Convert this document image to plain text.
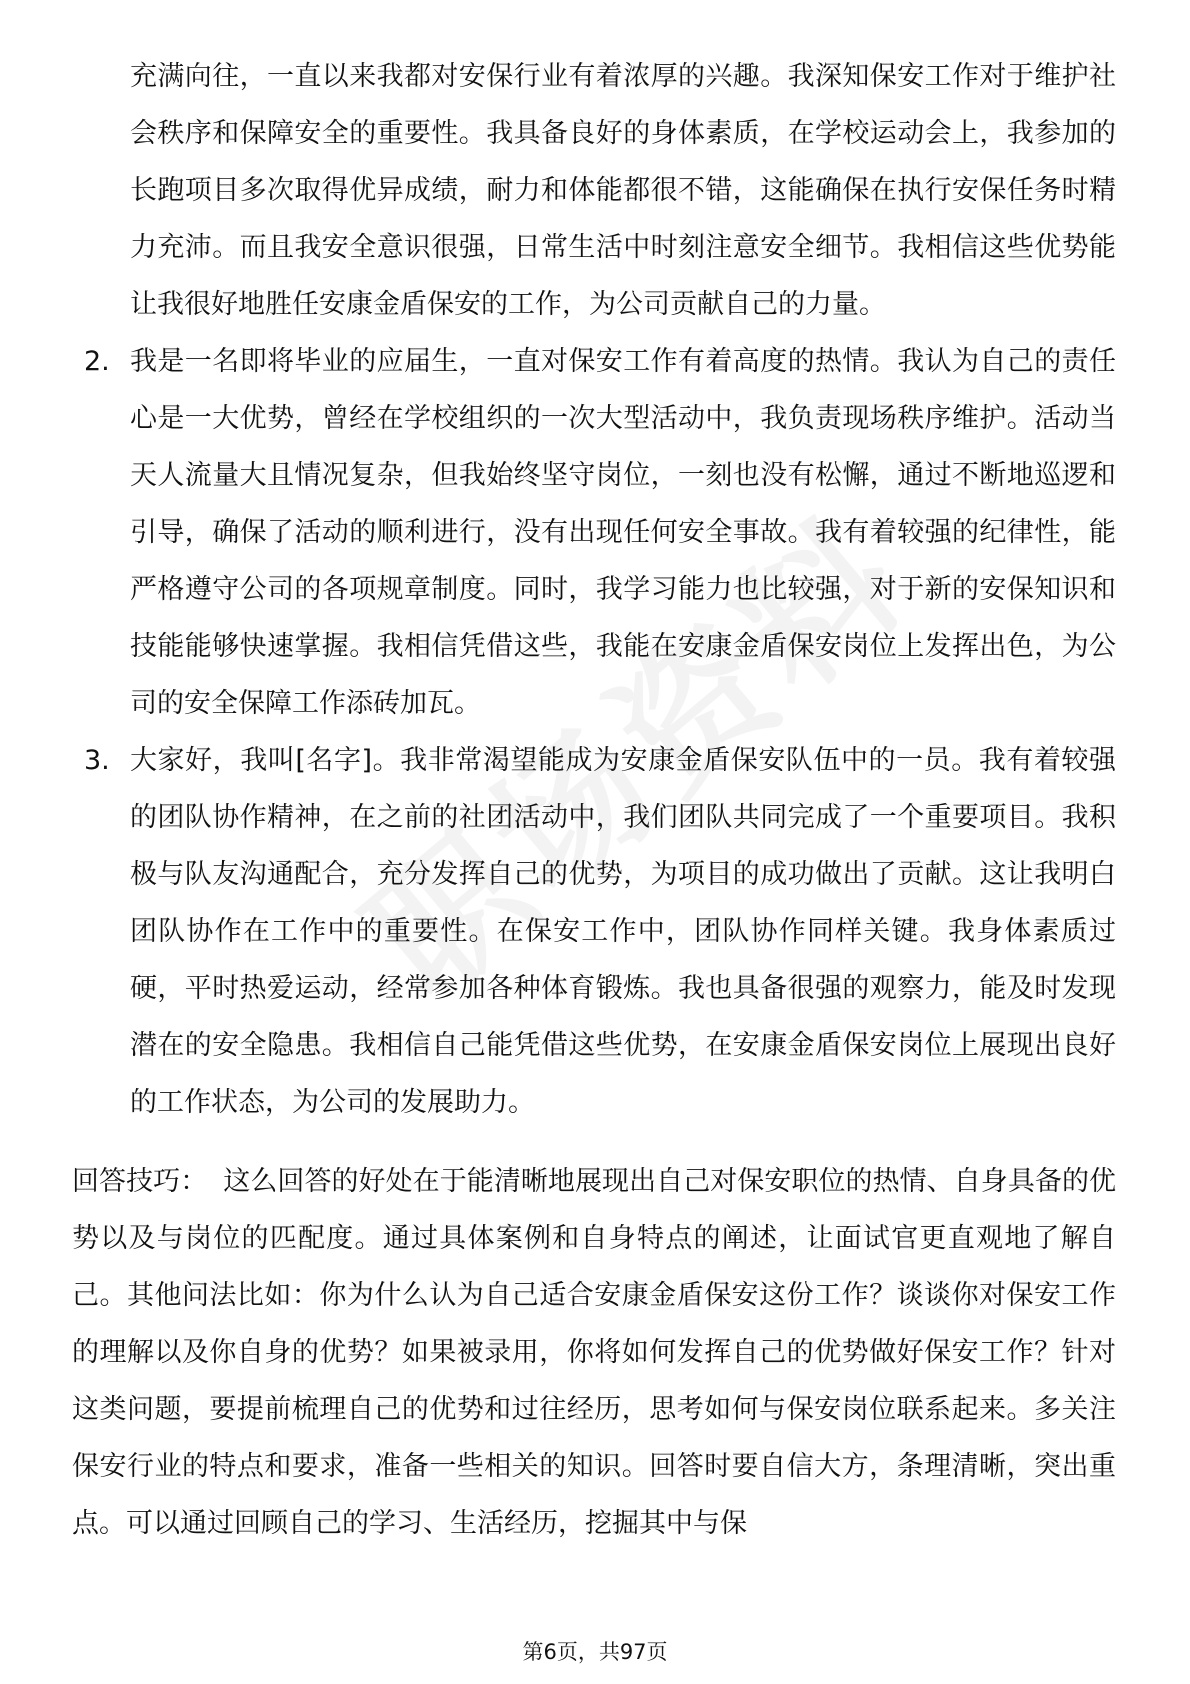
充满向往，一直以来我都对安保行业有着浓厚的兴趣。我深知保安工作对于维护社会秩序和保障安全的重要性。我具备良好的身体素质，在学校运动会上，我参加的长跑项目多次取得优异成绩，耐力和体能都很不错，这能确保在执行安保任务时精力充沛。而且我安全意识很强，日常生活中时刻注意安全细节。我相信这些优势能让我很好地胜任安康金盾保安的工作，为公司贡献自己的力量。

2. 我是一名即将毕业的应届生，一直对保安工作有着高度的热情。我认为自己的责任心是一大优势，曾经在学校组织的一次大型活动中，我负责现场秩序维护。活动当天人流量大且情况复杂，但我始终坚守岗位，一刻也没有松懈，通过不断地巡逻和引导，确保了活动的顺利进行，没有出现任何安全事故。我有着较强的纪律性，能严格遵守公司的各项规章制度。同时，我学习能力也比较强，对于新的安保知识和技能能够快速掌握。我相信凭借这些，我能在安康金盾保安岗位上发挥出色，为公司的安全保障工作添砖加瓦。
3. 大家好，我叫[名字]。我非常渴望能成为安康金盾保安队伍中的一员。我有着较强的团队协作精神，在之前的社团活动中，我们团队共同完成了一个重要项目。我积极与队友沟通配合，充分发挥自己的优势，为项目的成功做出了贡献。这让我明白团队协作在工作中的重要性。在保安工作中，团队协作同样关键。我身体素质过硬，平时热爱运动，经常参加各种体育锻炼。我也具备很强的观察力，能及时发现潜在的安全隐患。我相信自己能凭借这些优势，在安康金盾保安岗位上展现出良好的工作状态，为公司的发展助力。

回答技巧： 这么回答的好处在于能清晰地展现出自己对保安职位的热情、自身具备的优势以及与岗位的匹配度。通过具体案例和自身特点的阐述，让面试官更直观地了解自己。其他问法比如：你为什么认为自己适合安康金盾保安这份工作？谈谈你对保安工作的理解以及你自身的优势？如果被录用，你将如何发挥自己的优势做好保安工作？针对这类问题，要提前梳理自己的优势和过往经历，思考如何与保安岗位联系起来。多关注保安行业的特点和要求，准备一些相关的知识。回答时要自信大方，条理清晰，突出重点。可以通过回顾自己的学习、生活经历，挖掘其中与保

第6页，共97页
